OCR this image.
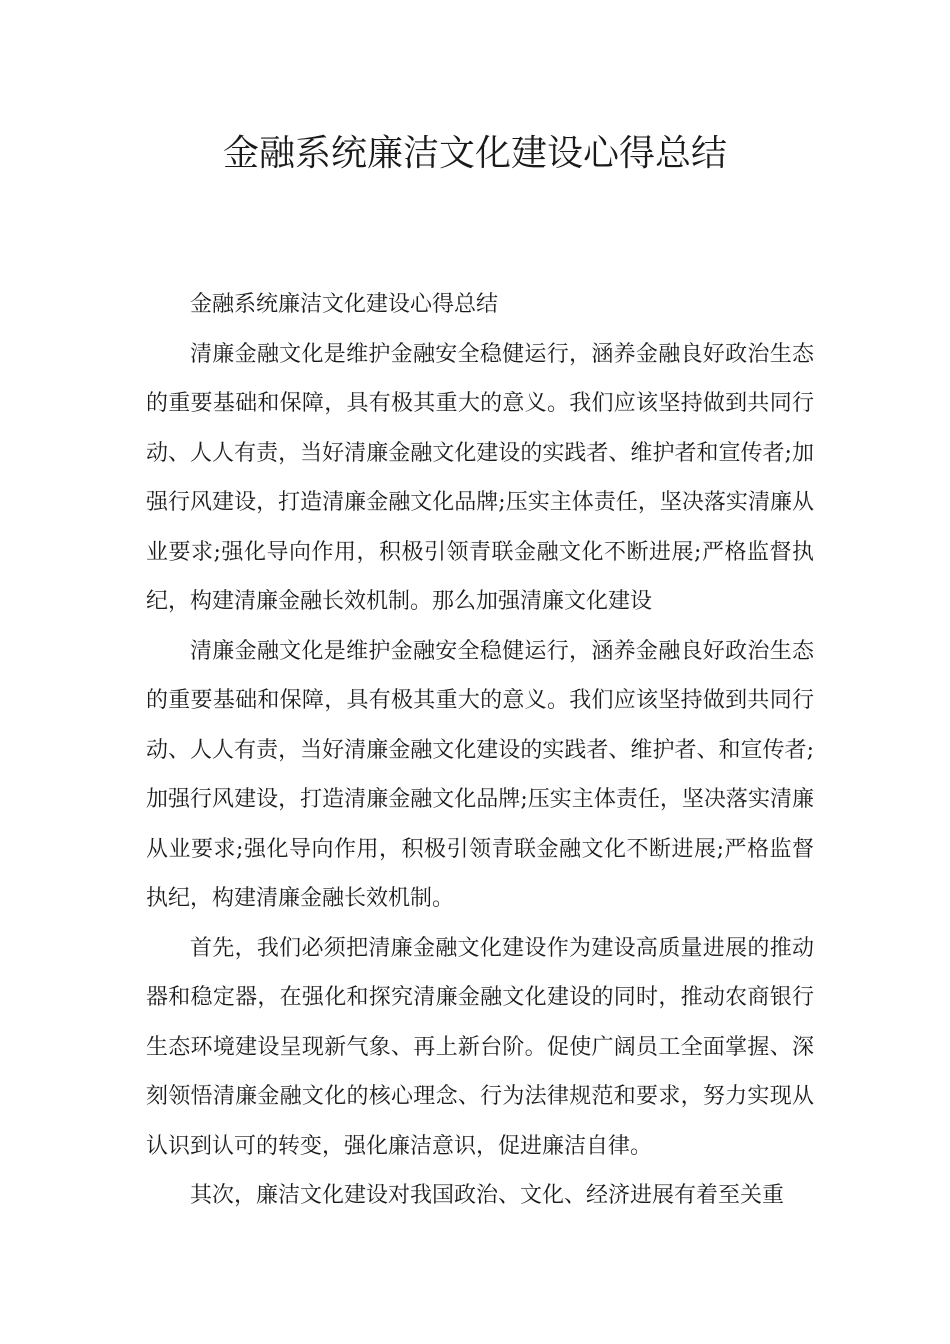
金融系统廉洁文化建设心得总结

金融系统廉洁文化建设心得总结

清廉金融文化是维护金融安全稳健运行，涵养金融良好政治生态的重要基础和保障，具有极其重大的意义。我们应该坚持做到共同行动、人人有责，当好清廉金融文化建设的实践者、维护者和宣传者;加强行风建设，打造清廉金融文化品牌;压实主体责任，坚决落实清廉从业要求;强化导向作用，积极引领青联金融文化不断进展;严格监督执纪，构建清廉金融长效机制。那么加强清廉文化建设

清廉金融文化是维护金融安全稳健运行，涵养金融良好政治生态的重要基础和保障，具有极其重大的意义。我们应该坚持做到共同行动、人人有责，当好清廉金融文化建设的实践者、维护者、和宣传者;加强行风建设，打造清廉金融文化品牌;压实主体责任，坚决落实清廉从业要求;强化导向作用，积极引领青联金融文化不断进展;严格监督执纪，构建清廉金融长效机制。

首先，我们必须把清廉金融文化建设作为建设高质量进展的推动器和稳定器，在强化和探究清廉金融文化建设的同时，推动农商银行生态环境建设呈现新气象、再上新台阶。促使广阔员工全面掌握、深刻领悟清廉金融文化的核心理念、行为法律规范和要求，努力实现从认识到认可的转变，强化廉洁意识，促进廉洁自律。

其次，廉洁文化建设对我国政治、文化、经济进展有着至关重
